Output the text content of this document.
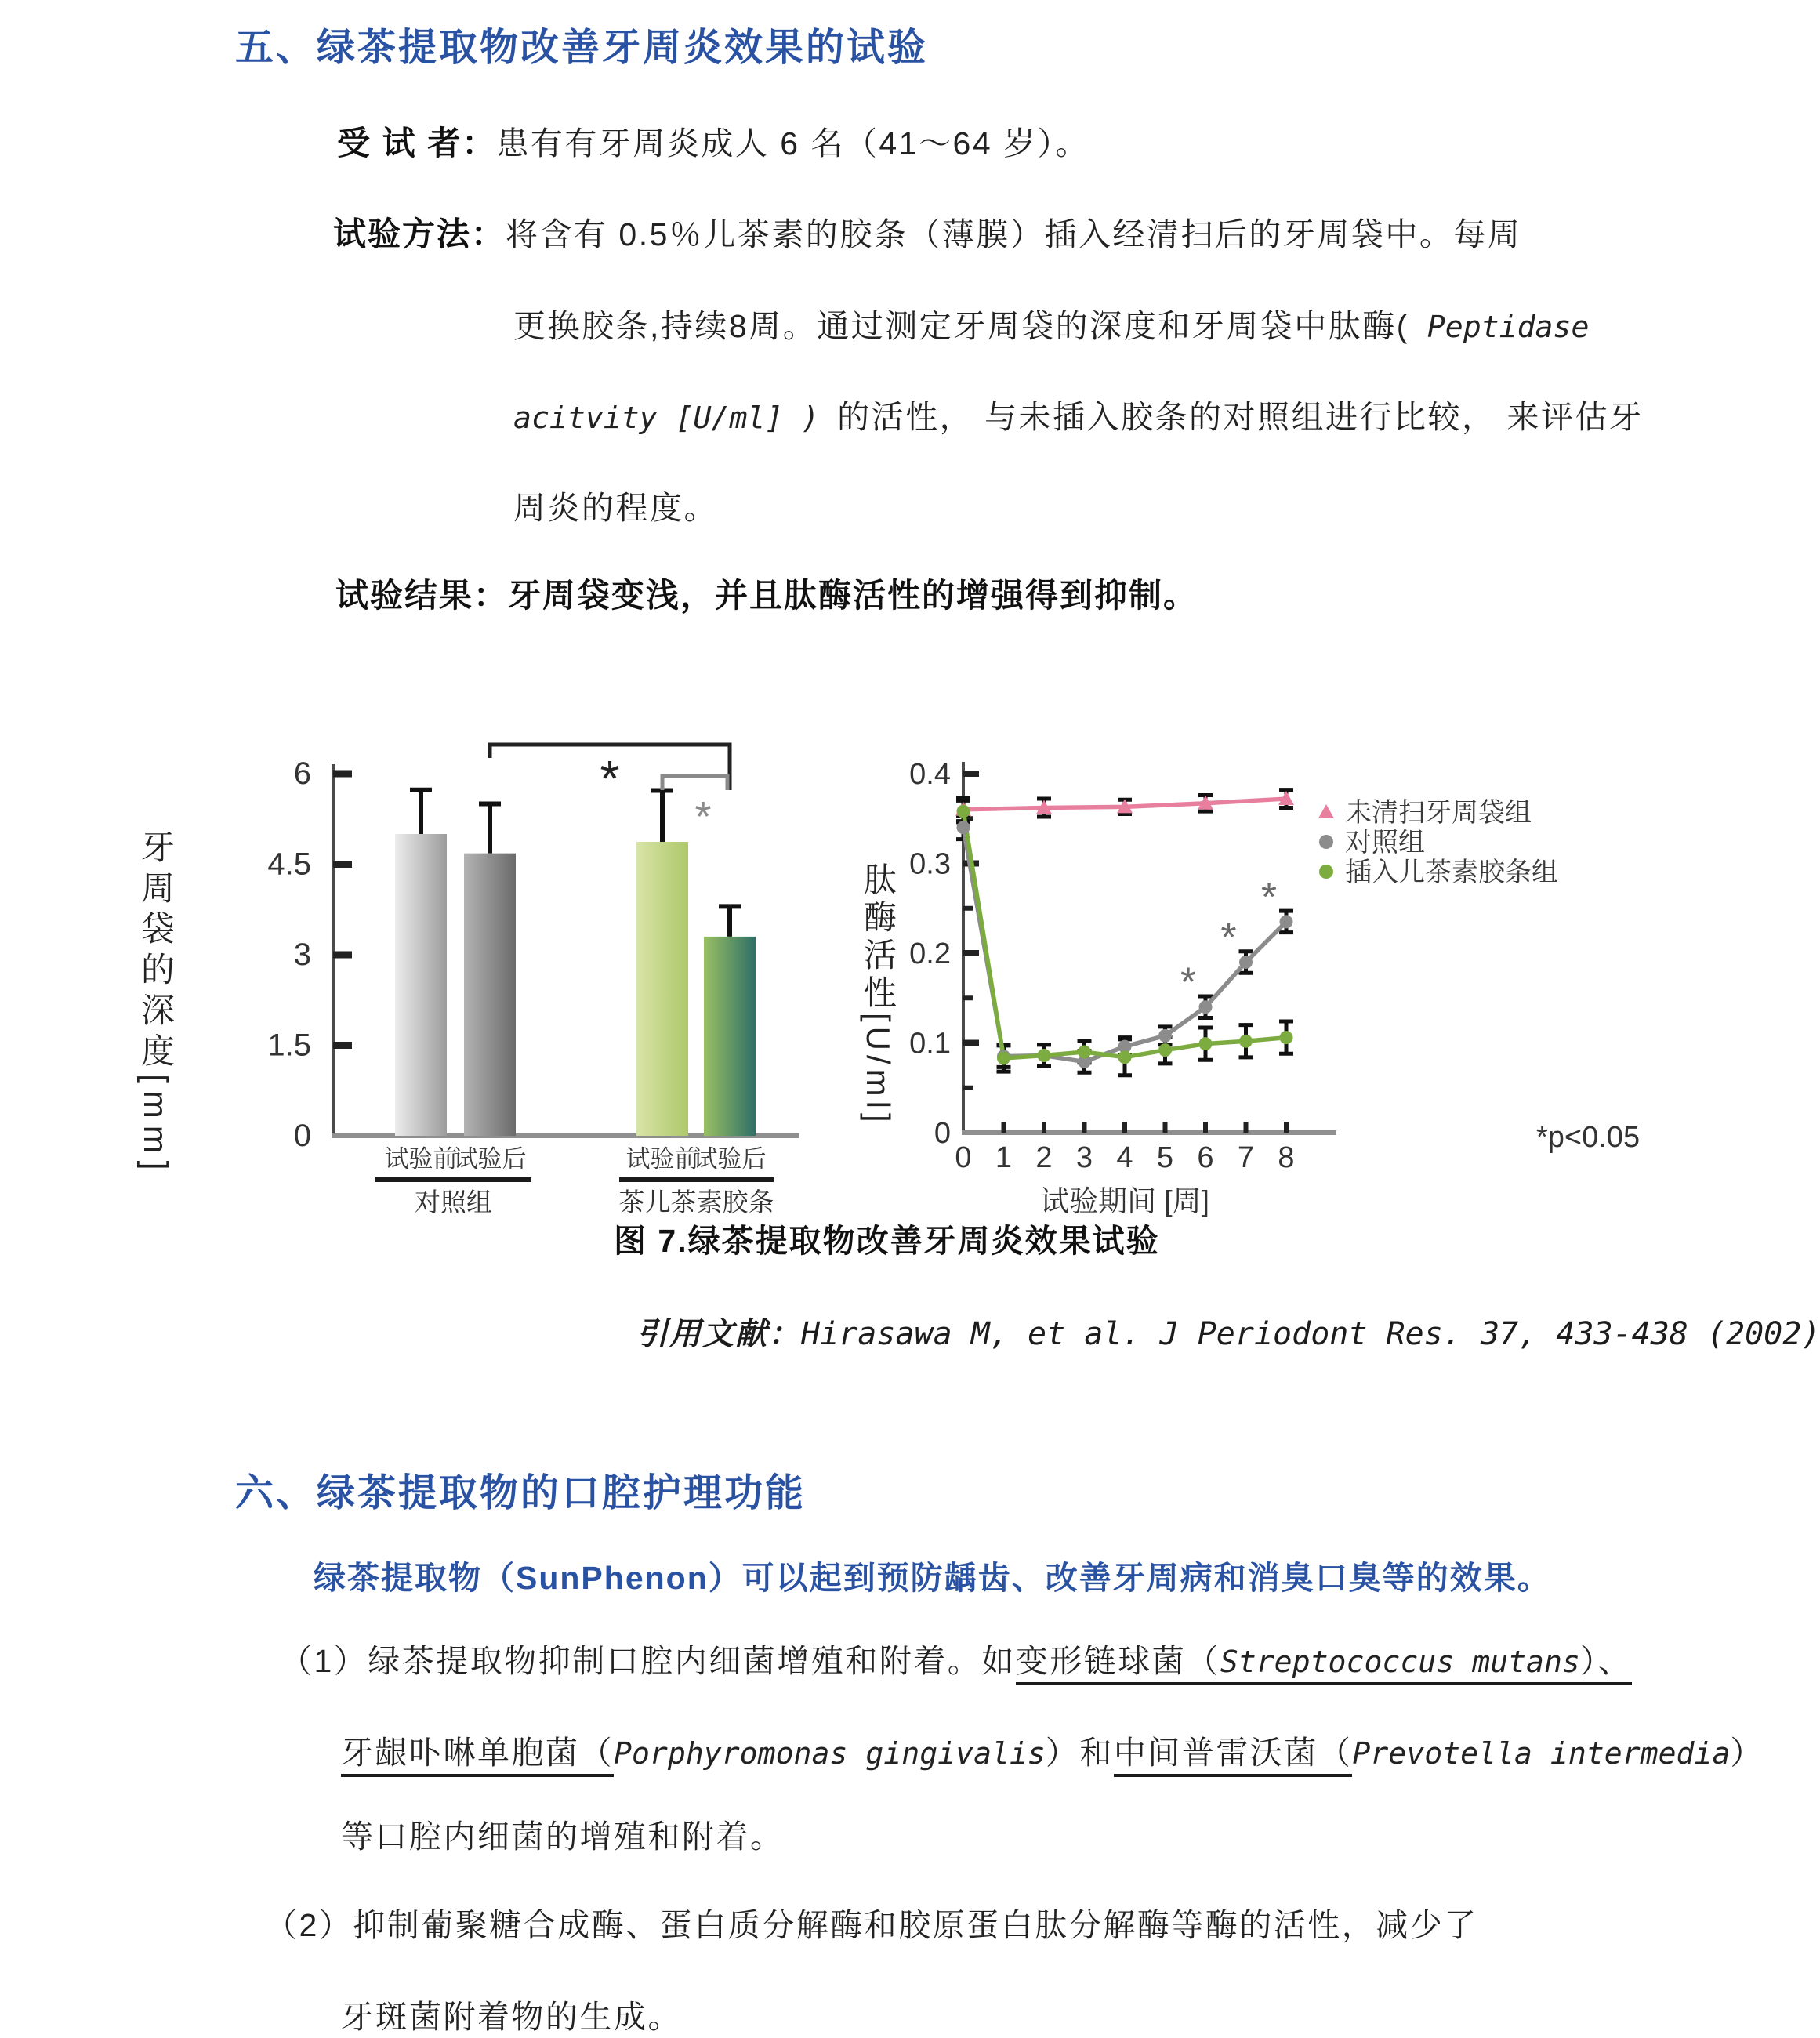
五、绿茶提取物改善牙周炎效果的试验
受 试 者：患有有牙周炎成人 6 名（41～64 岁）。
试验方法：将含有 0.5％儿茶素的胶条（薄膜）插入经清扫后的牙周袋中。每周
更换胶条,持续8周。通过测定牙周袋的深度和牙周袋中肽酶( Peptidase
acitvity [U/ml] ) 的活性， 与未插入胶条的对照组进行比较， 来评估牙
周炎的程度。
试验结果：牙周袋变浅，并且肽酶活性的增强得到抑制。
牙周袋的深度[mm]	0
1.5
3
4.5
6
试验前
试验后	试验前
试验后
对照组	茶儿茶素胶条
*
*
肽酶活性[U/ml]
0
0.1
0.2
0.3
0.4
0 1 2 3 4 5 6 7 8
试验期间 [周]
*p<0.05
*
*
*
未清扫牙周袋组
对照组
插入儿茶素胶条组
图 7.绿茶提取物改善牙周炎效果试验
引用文献：Hirasawa M, et al. J Periodont Res. 37, 433-438 (2002)
六、绿茶提取物的口腔护理功能
绿茶提取物（SunPhenon）可以起到预防龋齿、改善牙周病和消臭口臭等的效果。
（1）绿茶提取物抑制口腔内细菌增殖和附着。如变形链球菌（Streptococcus mutans）、
牙龈卟啉单胞菌（Porphyromonas gingivalis）和中间普雷沃菌（Prevotella intermedia）
等口腔内细菌的增殖和附着。
（2）抑制葡聚糖合成酶、蛋白质分解酶和胶原蛋白肽分解酶等酶的活性，减少了
牙斑菌附着物的生成。
